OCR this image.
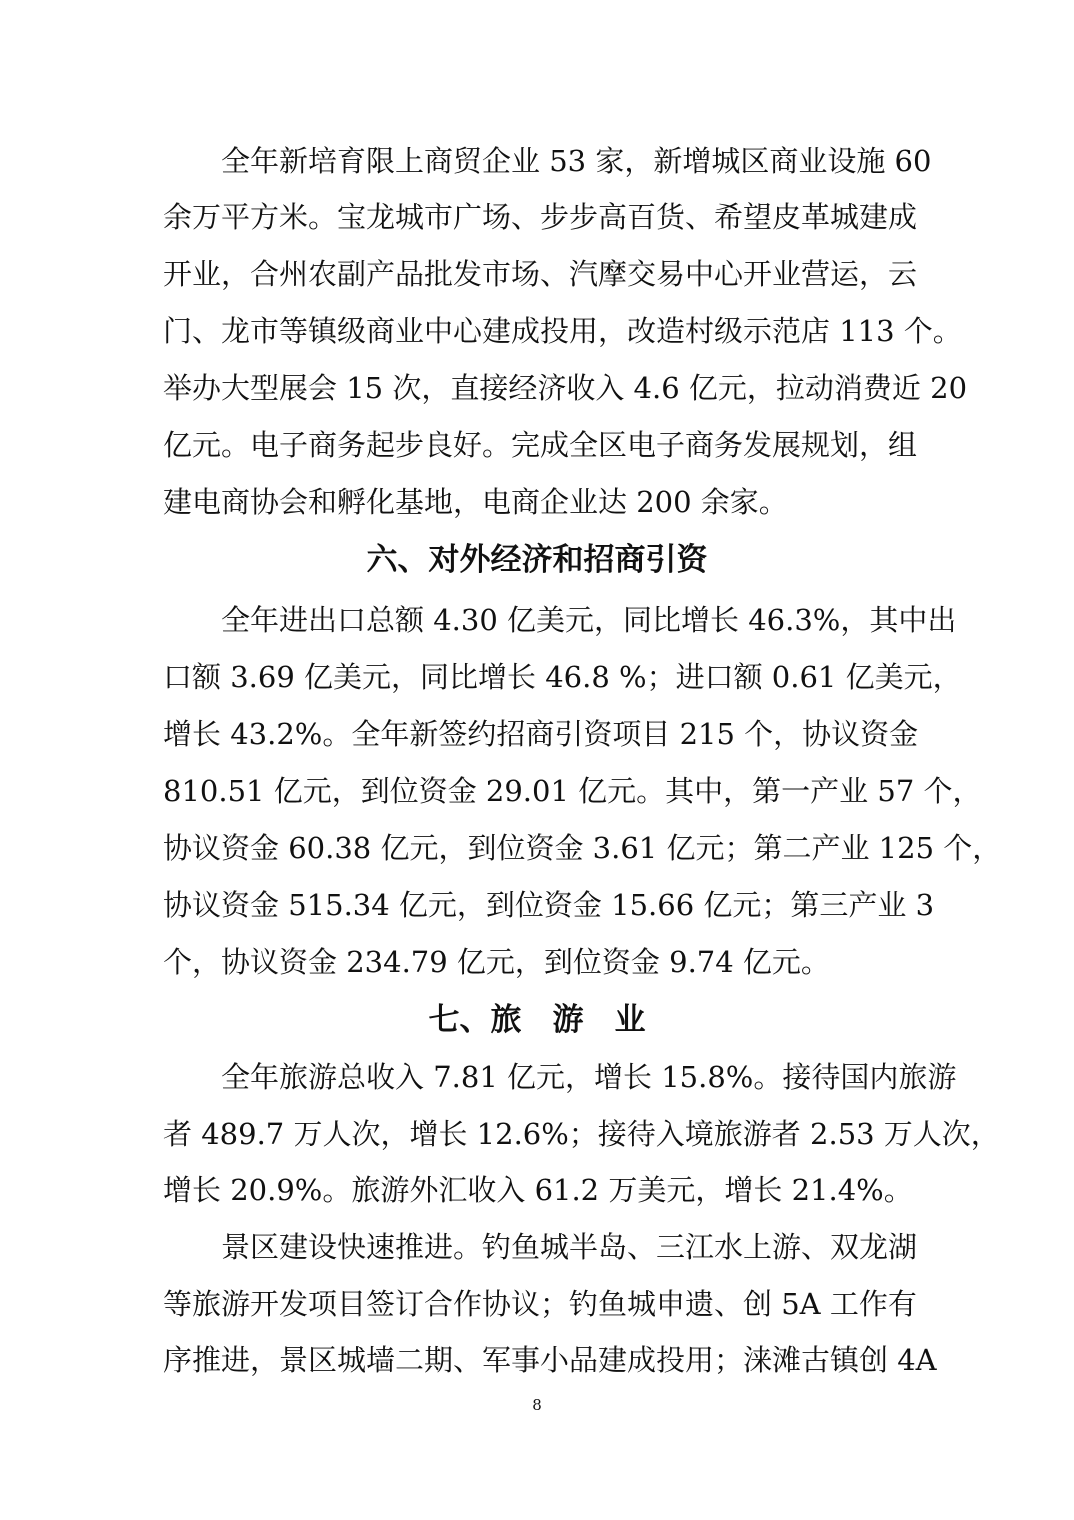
　　全年新培育限上商贸企业 53 家，新增城区商业设施 60
余万平方米。宝龙城市广场、步步高百货、希望皮革城建成
开业，合州农副产品批发市场、汽摩交易中心开业营运，云
门、龙市等镇级商业中心建成投用，改造村级示范店 113 个。
举办大型展会 15 次，直接经济收入 4.6 亿元，拉动消费近 20
亿元。电子商务起步良好。完成全区电子商务发展规划，组
建电商协会和孵化基地，电商企业达 200 余家。
六、对外经济和招商引资
　　全年进出口总额 4.30 亿美元，同比增长 46.3%，其中出
口额 3.69 亿美元，同比增长 46.8 %；进口额 0.61 亿美元，
增长 43.2%。全年新签约招商引资项目 215 个，协议资金
810.51 亿元，到位资金 29.01 亿元。其中，第一产业 57 个，
协议资金 60.38 亿元，到位资金 3.61 亿元；第二产业 125 个，
协议资金 515.34 亿元，到位资金 15.66 亿元；第三产业 3
个，协议资金 234.79 亿元，到位资金 9.74 亿元。
七、旅　游　业
　　全年旅游总收入 7.81 亿元，增长 15.8%。接待国内旅游
者 489.7 万人次，增长 12.6%；接待入境旅游者 2.53 万人次，
增长 20.9%。旅游外汇收入 61.2 万美元，增长 21.4%。
　　景区建设快速推进。钓鱼城半岛、三江水上游、双龙湖
等旅游开发项目签订合作协议；钓鱼城申遗、创 5A 工作有
序推进，景区城墙二期、军事小品建成投用；涞滩古镇创 4A
8
